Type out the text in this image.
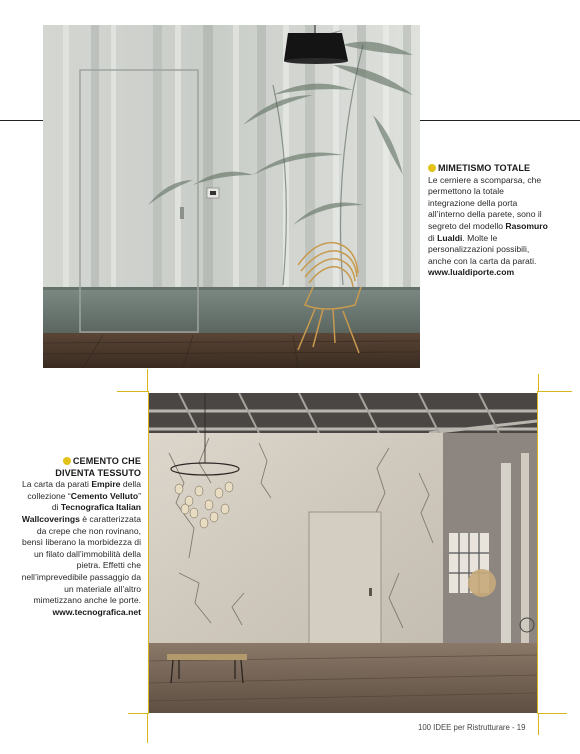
MIMETISMO TOTALE
Le cerniere a scomparsa, che permettono la totale integrazione della porta all’interno della parete, sono il segreto del modello Rasomuro di Lualdi. Molte le personalizzazioni possibili, anche con la carta da parati.
www.lualdiporte.com
CEMENTO CHE
DIVENTA TESSUTO
La carta da parati Empire della collezione “Cemento Velluto” di Tecnografica Italian Wallcoverings è caratterizzata da crepe che non rovinano, bensì liberano la morbidezza di un filato dall’immobilità della pietra. Effetti che nell’imprevedibile passaggio da un materiale all’altro mimetizzano anche le porte.
www.tecnografica.net
100 IDEE per Ristrutturare - 19
